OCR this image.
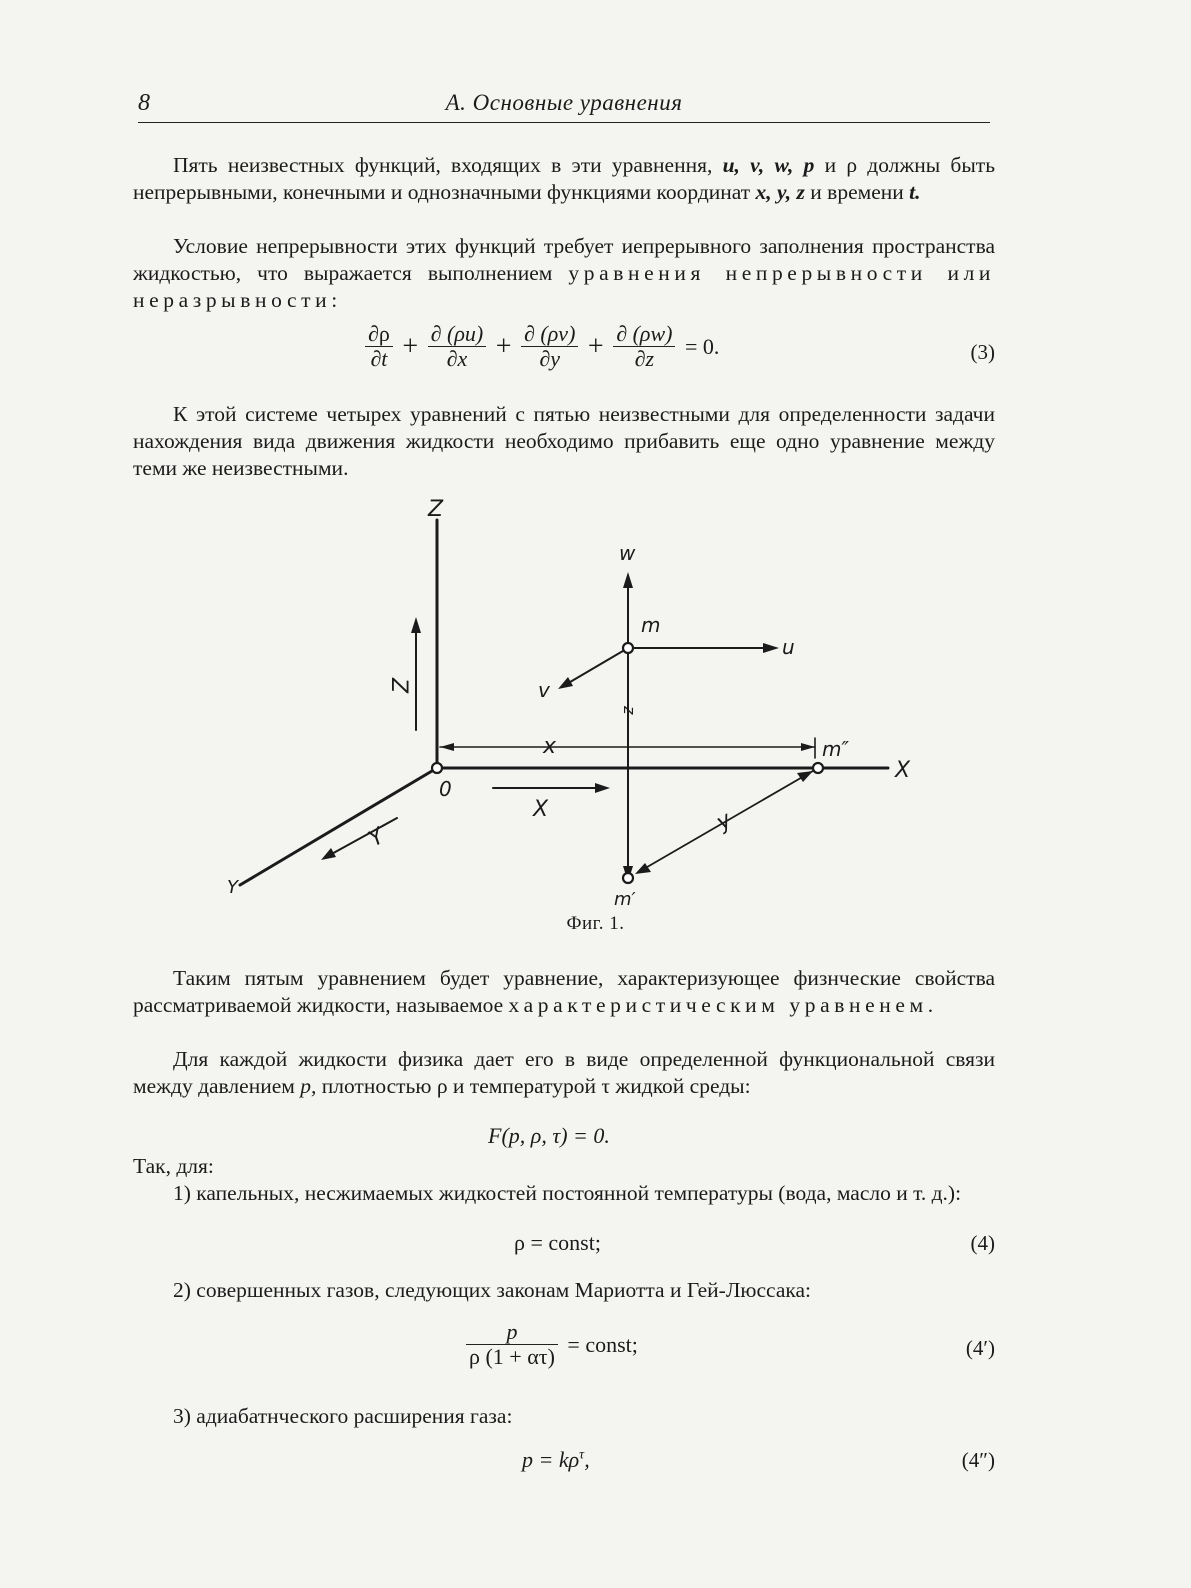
8	А. Основные уравнения
Пять неизвестных функций, входящих в эти уравнення, u, v, w, p и ρ должны быть непрерывными, конечными и однозначными функциями координат x, y, z и времени t.
Условие непрерывности этих функций требует иепрерывного заполнения пространства жидкостью, что выражается выполнением уравнения непрерывности или неразрывности:
$\frac{\partial\rho}{\partial t} + \frac{\partial (\rho u)}{\partial x} + \frac{\partial (\rho v)}{\partial y} + \frac{\partial (\rho w)}{\partial z} = 0$.	(3)
К этой системе четырех уравнений с пятью неизвестными для определенности задачи нахождения вида движения жидкости необходимо прибавить еще одно уравнение между теми же неизвестными.
Z
X
Y
0
Z
x
X
Y
y
w
u
v
m
m″
m′
z
Фиг. 1.
Таким пятым уравнением будет уравнение, характеризующее физнческие свойства рассматриваемой жидкости, называемое характеристическим уравненем.
Для каждой жидкости физика дает его в виде определенной функциональной связи между давлением p, плотностью ρ и температурой τ жидкой среды:
F(p, ρ, τ) = 0.
Так, для:
1) капельных, несжимаемых жидкостей постоянной температуры (вода, масло и т. д.):
ρ = const;	(4)
2) совершенных газов, следующих законам Мариотта и Гей-Люссака:
$\frac{p}{\rho (1 + \alpha\tau)}$ = const;	(4′)
3) адиабатнческого расширения газа:
$p = k\rho^\tau$,	(4″)
